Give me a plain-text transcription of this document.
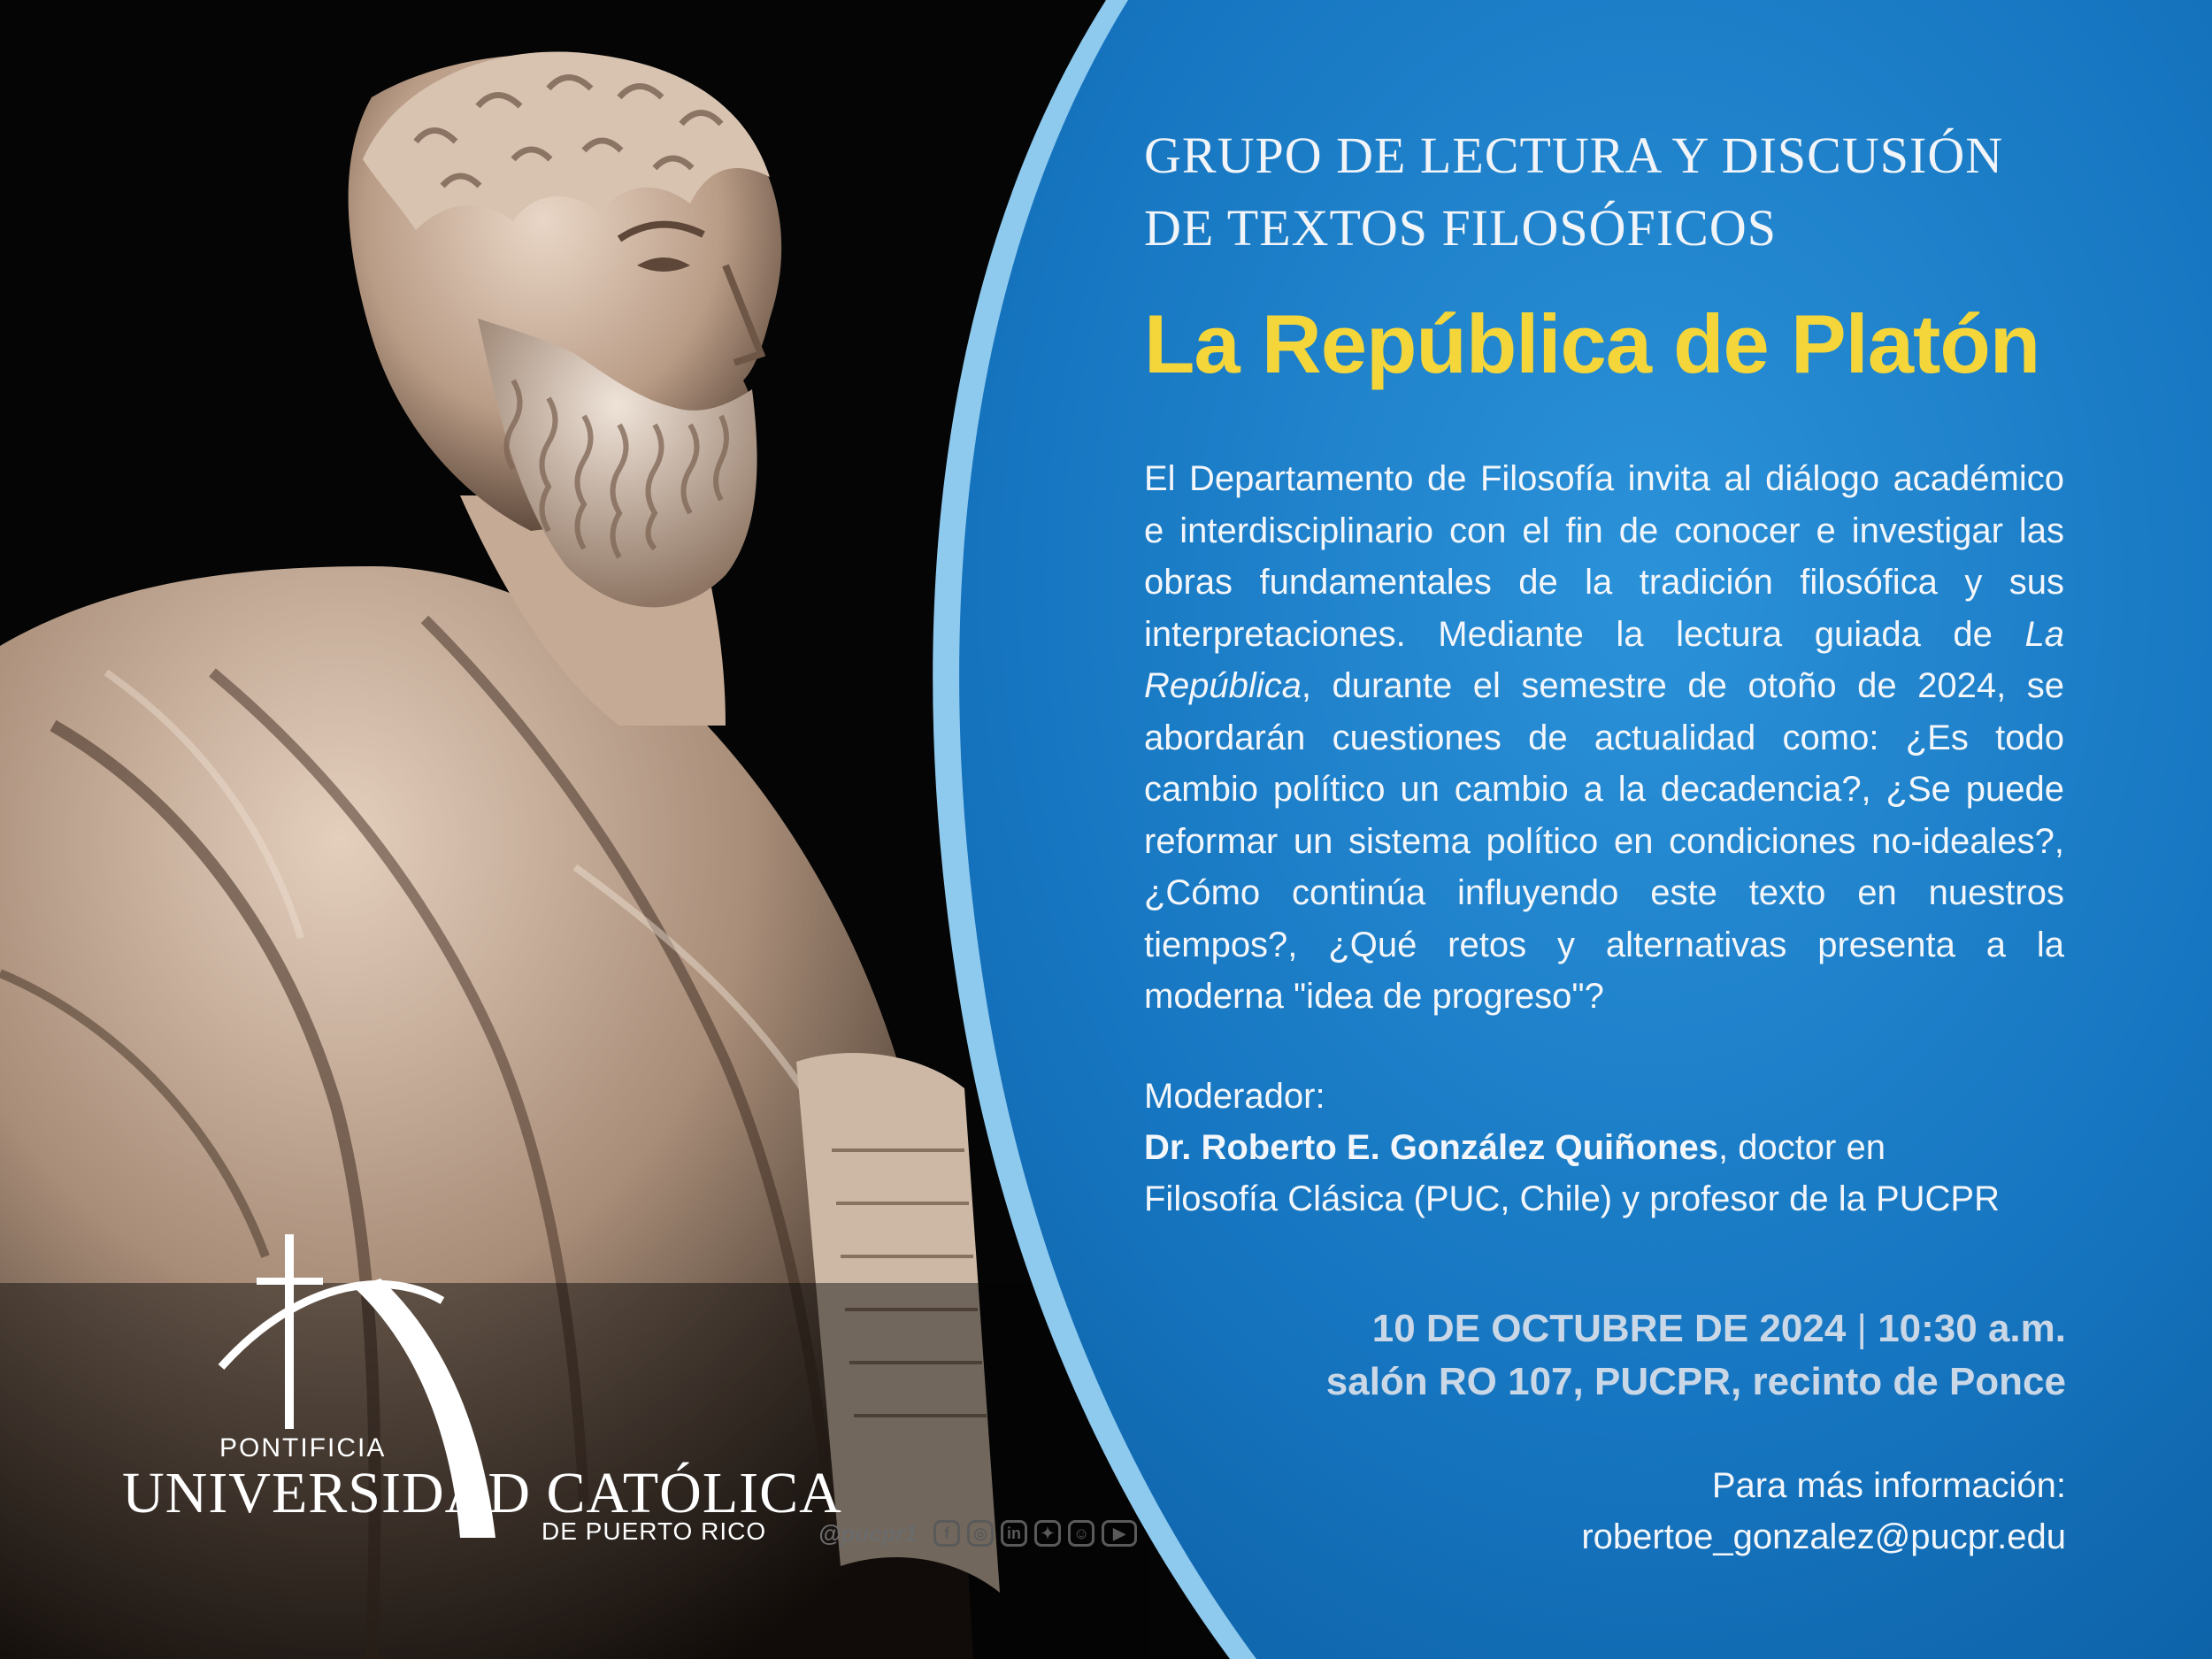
GRUPO DE LECTURA Y DISCUSIÓN
DE TEXTOS FILOSÓFICOS
La República de Platón
El Departamento de Filosofía invita al diálogo académico e interdisciplinario con el fin de conocer e investigar las obras fundamentales de la tradición filosófica y sus interpretaciones. Mediante la lectura guiada de La República, durante el semestre de otoño de 2024, se abordarán cuestiones de actualidad como: ¿Es todo cambio político un cambio a la decadencia?, ¿Se puede reformar un sistema político en condiciones no-ideales?, ¿Cómo continúa influyendo este texto en nuestros tiempos?, ¿Qué retos y alternativas presenta a la moderna "idea de progreso"?
Moderador:
Dr. Roberto E. González Quiñones, doctor en
Filosofía Clásica (PUC, Chile) y profesor de la PUCPR
10 DE OCTUBRE DE 2024 | 10:30 a.m.
salón RO 107, PUCPR, recinto de Ponce
Para más información:
robertoe_gonzalez@pucpr.edu
PONTIFICIA
UNIVERSIDAD CATÓLICA
DE PUERTO RICO @pucpr1	f	◎	in	✦	☺	▶
